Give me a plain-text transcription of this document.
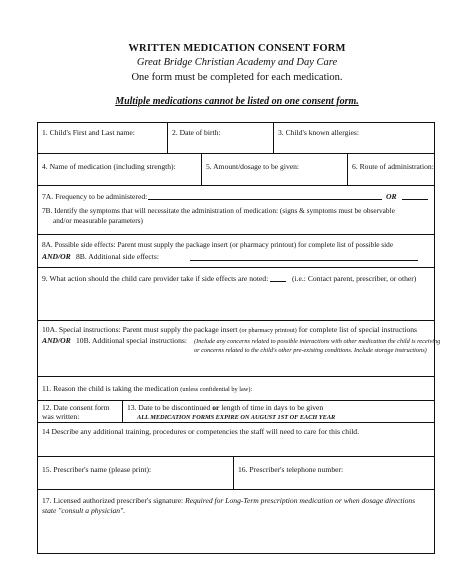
WRITTEN MEDICATION CONSENT FORM
Great Bridge Christian Academy and Day Care
One form must be completed for each medication.
Multiple medications cannot be listed on one consent form.
1. Child's First and Last name:	2. Date of birth:	3. Child's known allergies:
4. Name of medication (including strength):	5. Amount/dosage to be given:	6. Route of administration:
7A. Frequency to be administered:	OR
7B. Identify the symptoms that will necessitate the administration of medication: (signs & symptoms must be observable
and/or measurable parameters)
8A. Possible side effects: Parent must supply the package insert (or pharmacy printout) for complete list of possible side
AND/OR 8B. Additional side effects:
9. What action should the child care provider take if side effects are noted:	(i.e.: Contact parent, prescriber, or other)
10A. Special instructions: Parent must supply the package insert (or pharmacy printout) for complete list of special instructions
AND/OR 10B. Additional special instructions: (Include any concerns related to possible interactions with other medication the child is receiving
or concerns related to the child's other pre-existing conditions. Include storage instructions)
11. Reason the child is taking the medication (unless confidential by law):
12. Date consent form
was written:
13. Date to be discontinued or length of time in days to be given
ALL MEDICATION FORMS EXPIRE ON AUGUST 1ST OF EACH YEAR
14 Describe any additional training, procedures or competencies the staff will need to care for this child.
15. Prescriber's name (please print):	16. Prescriber's telephone number:
17. Licensed authorized prescriber's signature: Required for Long-Term prescription medication or when dosage directions
state "consult a physician".
